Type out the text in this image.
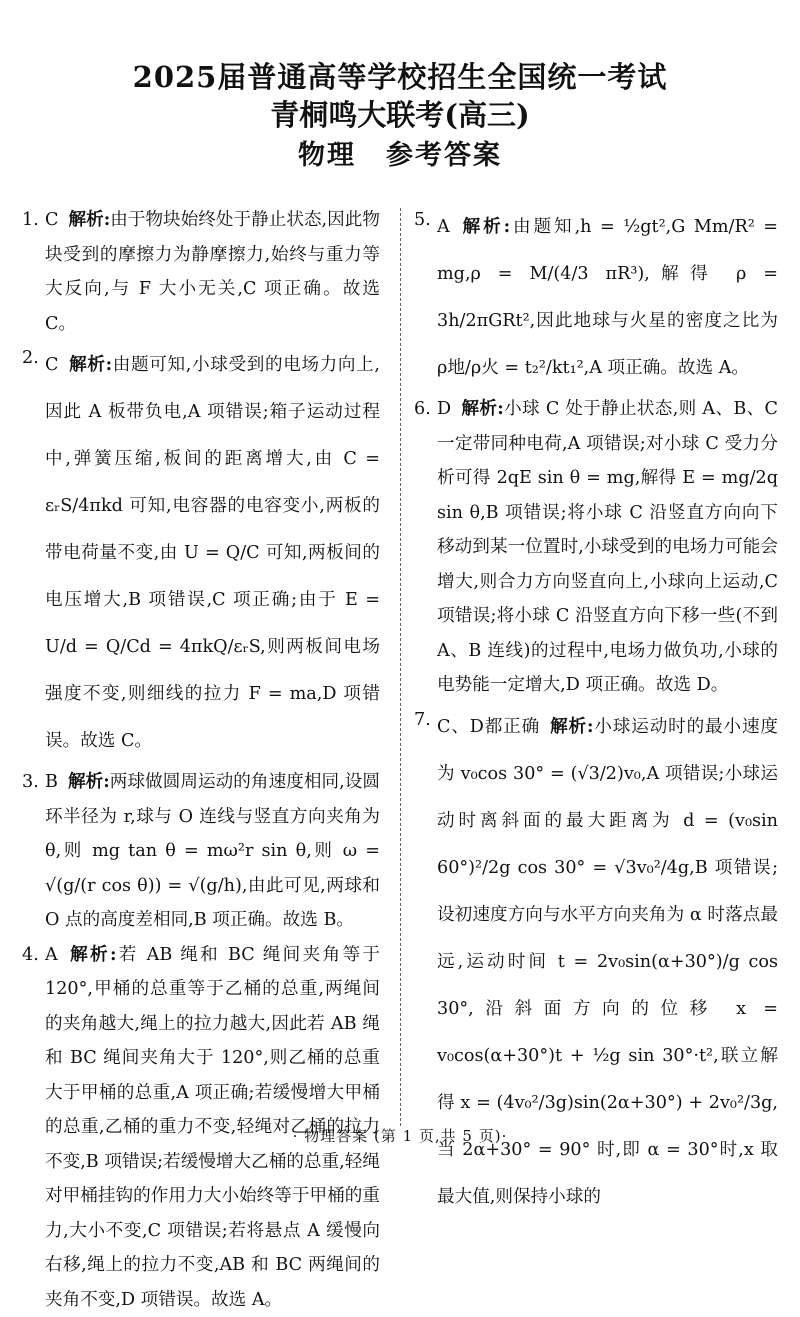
2025届普通高等学校招生全国统一考试
青桐鸣大联考(高三)
物理 参考答案
1. C 解析:由于物块始终处于静止状态,因此物块受到的摩擦力为静摩擦力,始终与重力等大反向,与 F 大小无关,C 项正确。故选 C。

2. C 解析:由题可知,小球受到的电场力向上,因此 A 板带负电,A 项错误;箱子运动过程中,弹簧压缩,板间的距离增大,由 C = εᵣS/4πkd 可知,电容器的电容变小,两板的带电荷量不变,由 U = Q/C 可知,两板间的电压增大,B 项错误,C 项正确;由于 E = U/d = Q/Cd = 4πkQ/εᵣS,则两板间电场强度不变,则细线的拉力 F = ma,D 项错误。故选 C。

3. B 解析:两球做圆周运动的角速度相同,设圆环半径为 r,球与 O 连线与竖直方向夹角为 θ,则 mg tan θ = mω²r sin θ,则 ω = √(g/(r cos θ)) = √(g/h),由此可见,两球和 O 点的高度差相同,B 项正确。故选 B。

4. A 解析:若 AB 绳和 BC 绳间夹角等于 120°,甲桶的总重等于乙桶的总重,两绳间的夹角越大,绳上的拉力越大,因此若 AB 绳和 BC 绳间夹角大于 120°,则乙桶的总重大于甲桶的总重,A 项正确;若缓慢增大甲桶的总重,乙桶的重力不变,轻绳对乙桶的拉力不变,B 项错误;若缓慢增大乙桶的总重,轻绳对甲桶挂钩的作用力大小始终等于甲桶的重力,大小不变,C 项错误;若将悬点 A 缓慢向右移,绳上的拉力不变,AB 和 BC 两绳间的夹角不变,D 项错误。故选 A。

5. A 解析:由题知,h = ½gt²,G Mm/R² = mg,ρ = M/(4/3 πR³),解得 ρ = 3h/2πGRt²,因此地球与火星的密度之比为 ρ地/ρ火 = t₂²/kt₁²,A 项正确。故选 A。

6. D 解析:小球 C 处于静止状态,则 A、B、C 一定带同种电荷,A 项错误;对小球 C 受力分析可得 2qE sin θ = mg,解得 E = mg/2q sin θ,B 项错误;将小球 C 沿竖直方向向下移动到某一位置时,小球受到的电场力可能会增大,则合力方向竖直向上,小球向上运动,C 项错误;将小球 C 沿竖直方向下移一些(不到 A、B 连线)的过程中,电场力做负功,小球的电势能一定增大,D 项正确。故选 D。

7. C、D都正确 解析:小球运动时的最小速度为 v₀cos 30° = (√3/2)v₀,A 项错误;小球运动时离斜面的最大距离为 d = (v₀sin 60°)²/2g cos 30° = √3v₀²/4g,B 项错误;设初速度方向与水平方向夹角为 α 时落点最远,运动时间 t = 2v₀sin(α+30°)/g cos 30°,沿斜面方向的位移 x = v₀cos(α+30°)t + ½g sin 30°·t²,联立解得 x = (4v₀²/3g)sin(2α+30°) + 2v₀²/3g,当 2α+30° = 90° 时,即 α = 30°时,x 取最大值,则保持小球的

· 物理答案 (第 1 页,共 5 页)·
